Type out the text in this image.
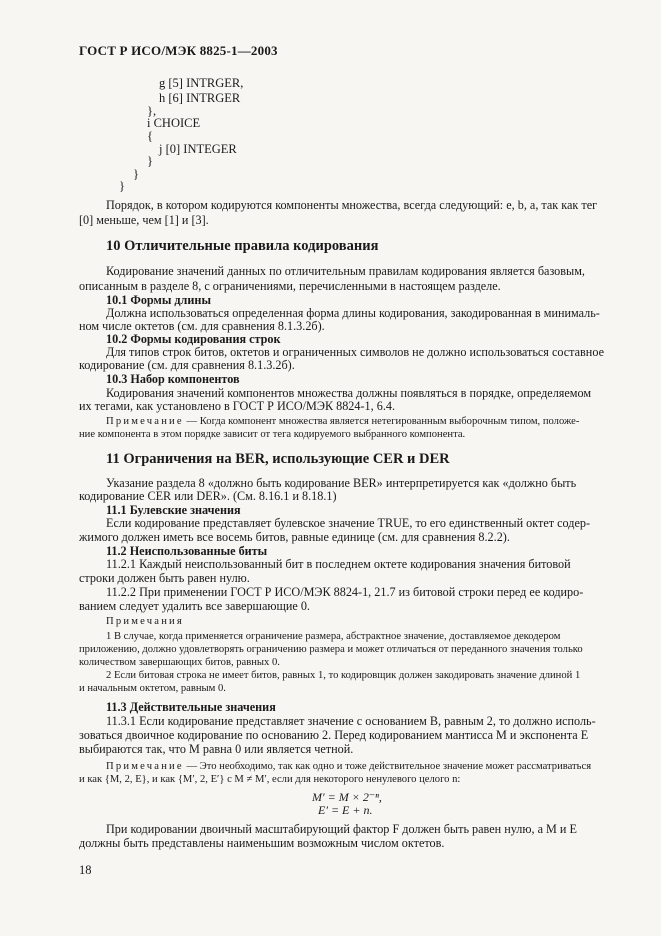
ГОСТ Р ИСО/МЭК 8825-1—2003
g [5] INTRGER,
h [6] INTRGER
},
i CHOICE
{
j [0] INTEGER
}
}
}
Порядок, в котором кодируются компоненты множества, всегда следующий: e, b, a, так как тег
[0] меньше, чем [1] и [3].
10 Отличительные правила кодирования
Кодирование значений данных по отличительным правилам кодирования является базовым,
описанным в разделе 8, с ограничениями, перечисленными в настоящем разделе.
10.1 Формы длины
Должна использоваться определенная форма длины кодирования, закодированная в минималь-
ном числе октетов (см. для сравнения 8.1.3.2б).
10.2 Формы кодирования строк
Для типов строк битов, октетов и ограниченных символов не должно использоваться составное
кодирование (см. для сравнения 8.1.3.2б).
10.3 Набор компонентов
Кодирования значений компонентов множества должны появляться в порядке, определяемом
их тегами, как установлено в ГОСТ Р ИСО/МЭК 8824-1, 6.4.
Примечание — Когда компонент множества является нетегированным выборочным типом, положе-
ние компонента в этом порядке зависит от тега кодируемого выбранного компонента.
11 Ограничения на BER, использующие CER и DER
Указание раздела 8 «должно быть кодирование BER» интерпретируется как «должно быть
кодирование CER или DER». (См. 8.16.1 и 8.18.1)
11.1 Булевские значения
Если кодирование представляет булевское значение TRUE, то его единственный октет содер-
жимого должен иметь все восемь битов, равные единице (см. для сравнения 8.2.2).
11.2 Неиспользованные биты
11.2.1 Каждый неиспользованный бит в последнем октете кодирования значения битовой
строки должен быть равен нулю.
11.2.2 При применении ГОСТ Р ИСО/МЭК 8824-1, 21.7 из битовой строки перед ее кодиро-
ванием следует удалить все завершающие 0.
Примечания
1 В случае, когда применяется ограничение размера, абстрактное значение, доставляемое декодером
приложению, должно удовлетворять ограничению размера и может отличаться от переданного значения только
количеством завершающих битов, равных 0.
2 Если битовая строка не имеет битов, равных 1, то кодировщик должен закодировать значение длиной 1
и начальным октетом, равным 0.
11.3 Действительные значения
11.3.1 Если кодирование представляет значение с основанием B, равным 2, то должно исполь-
зоваться двоичное кодирование по основанию 2. Перед кодированием мантисса M и экспонента E
выбираются так, что M равна 0 или является четной.
Примечание — Это необходимо, так как одно и тоже действительное значение может рассматриваться
и как {M, 2, E}, и как {M′, 2, E′} с M ≠ M′, если для некоторого ненулевого целого n:
M′ = M × 2⁻ⁿ,
E′ = E + n.
При кодировании двоичный масштабирующий фактор F должен быть равен нулю, а M и E
должны быть представлены наименьшим возможным числом октетов.
18
